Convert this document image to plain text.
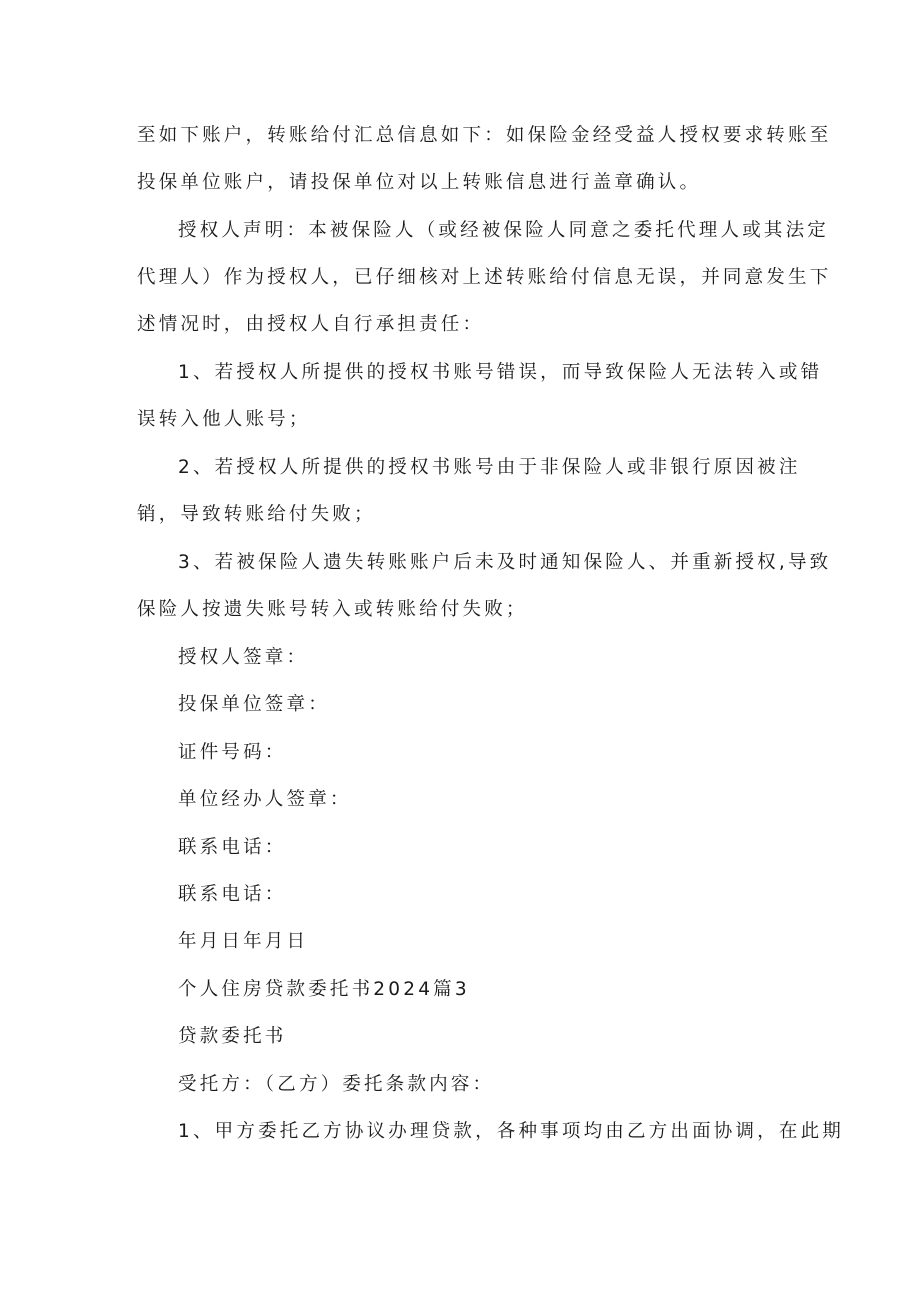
至如下账户，转账给付汇总信息如下：如保险金经受益人授权要求转账至
投保单位账户，请投保单位对以上转账信息进行盖章确认。
授权人声明：本被保险人（或经被保险人同意之委托代理人或其法定
代理人）作为授权人，已仔细核对上述转账给付信息无误，并同意发生下
述情况时，由授权人自行承担责任：
1、若授权人所提供的授权书账号错误，而导致保险人无法转入或错
误转入他人账号；
2、若授权人所提供的授权书账号由于非保险人或非银行原因被注
销，导致转账给付失败；
3、若被保险人遗失转账账户后未及时通知保险人、并重新授权,导致
保险人按遗失账号转入或转账给付失败；
授权人签章：
投保单位签章：
证件号码：
单位经办人签章：
联系电话：
联系电话：
年月日年月日
个人住房贷款委托书2024篇3
贷款委托书
受托方：（乙方）委托条款内容：
1、甲方委托乙方协议办理贷款，各种事项均由乙方出面协调，在此期
